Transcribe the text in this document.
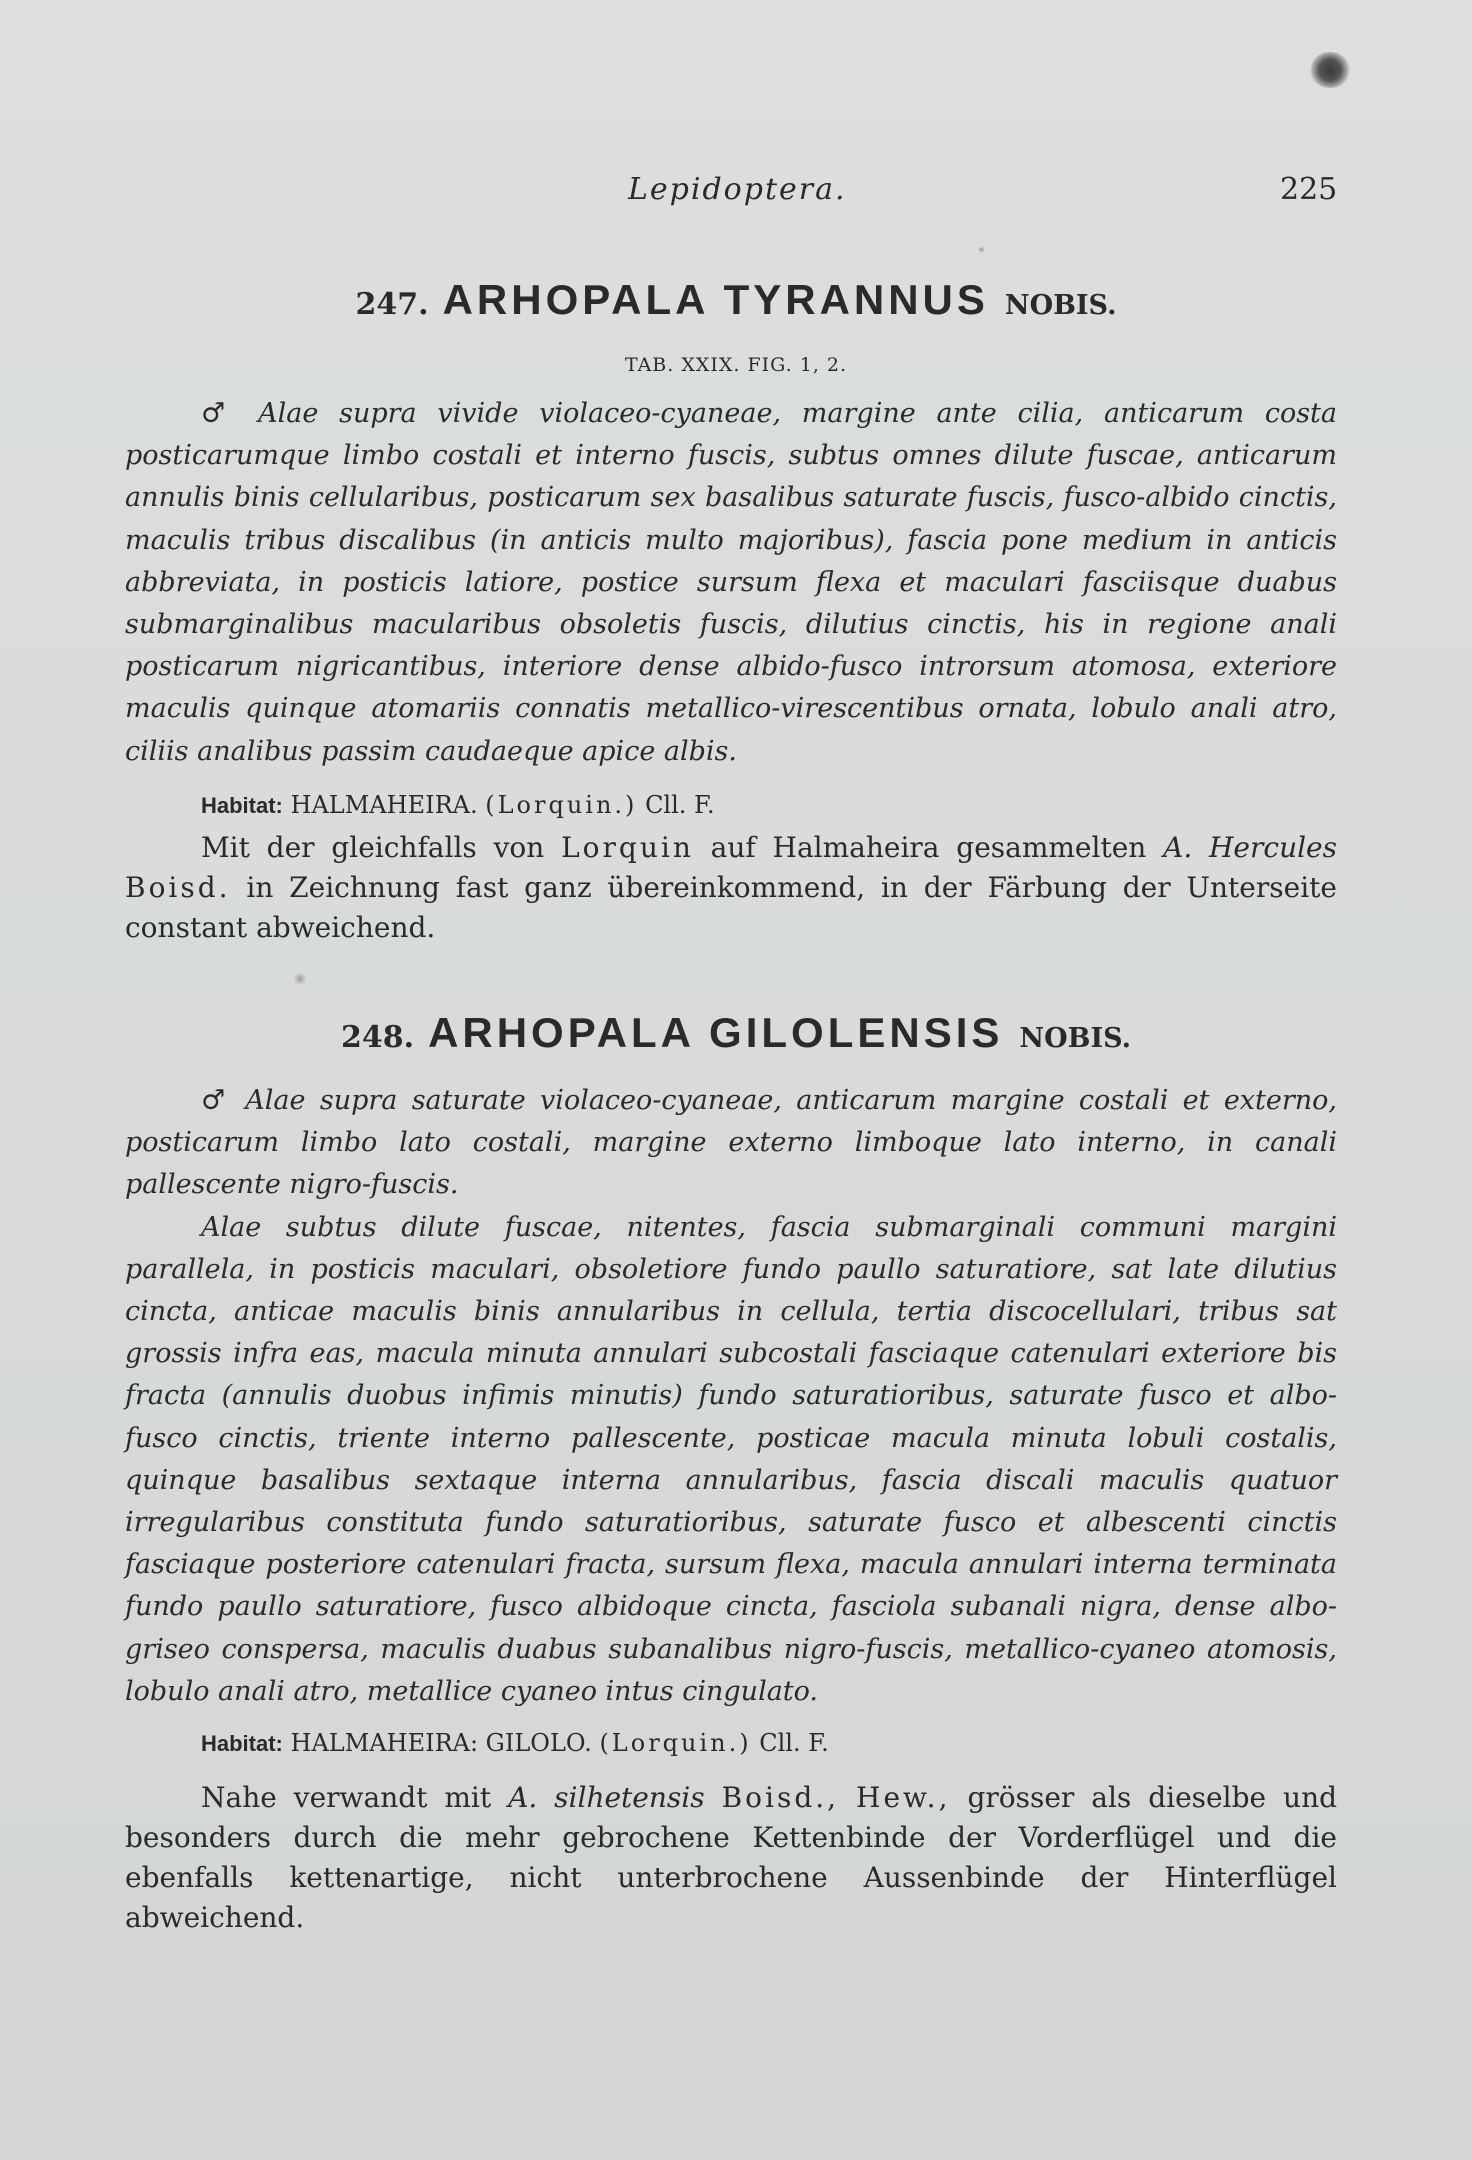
Lepidoptera.	225
247. ARHOPALA TYRANNUS NOBIS.
TAB. XXIX. FIG. 1, 2.

♂ Alae supra vivide violaceo-cyaneae, margine ante cilia, anticarum costa posticarumque limbo costali et interno fuscis, subtus omnes dilute fuscae, anticarum annulis binis cellularibus, posticarum sex basalibus saturate fuscis, fusco-albido cinctis, maculis tribus discalibus (in anticis multo majoribus), fascia pone medium in anticis abbreviata, in posticis latiore, postice sursum flexa et maculari fasciisque duabus submarginalibus macularibus obsoletis fuscis, dilutius cinctis, his in regione anali posticarum nigricantibus, interiore dense albido-fusco introrsum atomosa, exteriore maculis quinque atomariis connatis metallico-virescentibus ornata, lobulo anali atro, ciliis analibus passim caudaeque apice albis.

Habitat: HALMAHEIRA. (Lorquin.) Cll. F.

Mit der gleichfalls von Lorquin auf Halmaheira gesammelten A. Hercules Boisd. in Zeichnung fast ganz übereinkommend, in der Färbung der Unterseite constant abweichend.

248. ARHOPALA GILOLENSIS NOBIS.

♂ Alae supra saturate violaceo-cyaneae, anticarum margine costali et externo, posticarum limbo lato costali, margine externo limboque lato interno, in canali pallescente nigro-fuscis.

Alae subtus dilute fuscae, nitentes, fascia submarginali communi margini parallela, in posticis maculari, obsoletiore fundo paullo saturatiore, sat late dilutius cincta, anticae maculis binis annularibus in cellula, tertia discocellulari, tribus sat grossis infra eas, macula minuta annulari subcostali fasciaque catenulari exteriore bis fracta (annulis duobus infimis minutis) fundo saturatioribus, saturate fusco et albo-fusco cinctis, triente interno pallescente, posticae macula minuta lobuli costalis, quinque basalibus sextaque interna annularibus, fascia discali maculis quatuor irregularibus constituta fundo saturatioribus, saturate fusco et albescenti cinctis fasciaque posteriore catenulari fracta, sursum flexa, macula annulari interna terminata fundo paullo saturatiore, fusco albidoque cincta, fasciola subanali nigra, dense albo-griseo conspersa, maculis duabus subanalibus nigro-fuscis, metallico-cyaneo atomosis, lobulo anali atro, metallice cyaneo intus cingulato.

Habitat: HALMAHEIRA: GILOLO. (Lorquin.) Cll. F.

Nahe verwandt mit A. silhetensis Boisd., Hew., grösser als dieselbe und besonders durch die mehr gebrochene Kettenbinde der Vorderflügel und die ebenfalls kettenartige, nicht unterbrochene Aussenbinde der Hinterflügel abweichend.
